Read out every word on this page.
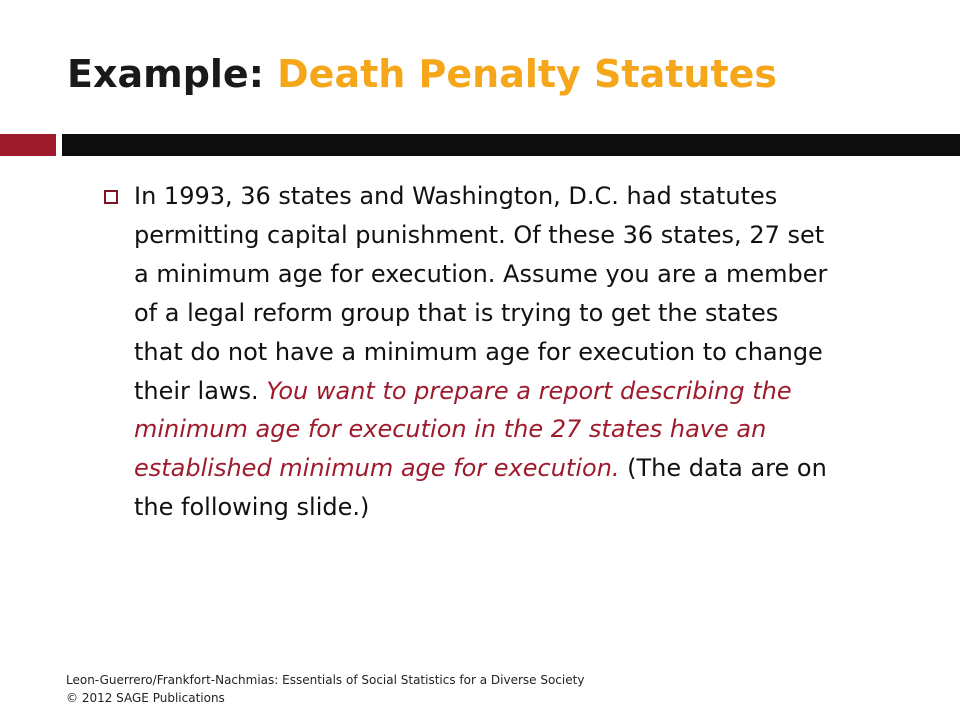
Example: Death Penalty Statutes

In 1993, 36 states and Washington, D.C. had statutes permitting capital punishment. Of these 36 states, 27 set a minimum age for execution. Assume you are a member of a legal reform group that is trying to get the states that do not have a minimum age for execution to change their laws. You want to prepare a report describing the minimum age for execution in the 27 states have an established minimum age for execution. (The data are on the following slide.)

Leon-Guerrero/Frankfort-Nachmias: Essentials of Social Statistics for a Diverse Society
© 2012 SAGE Publications
